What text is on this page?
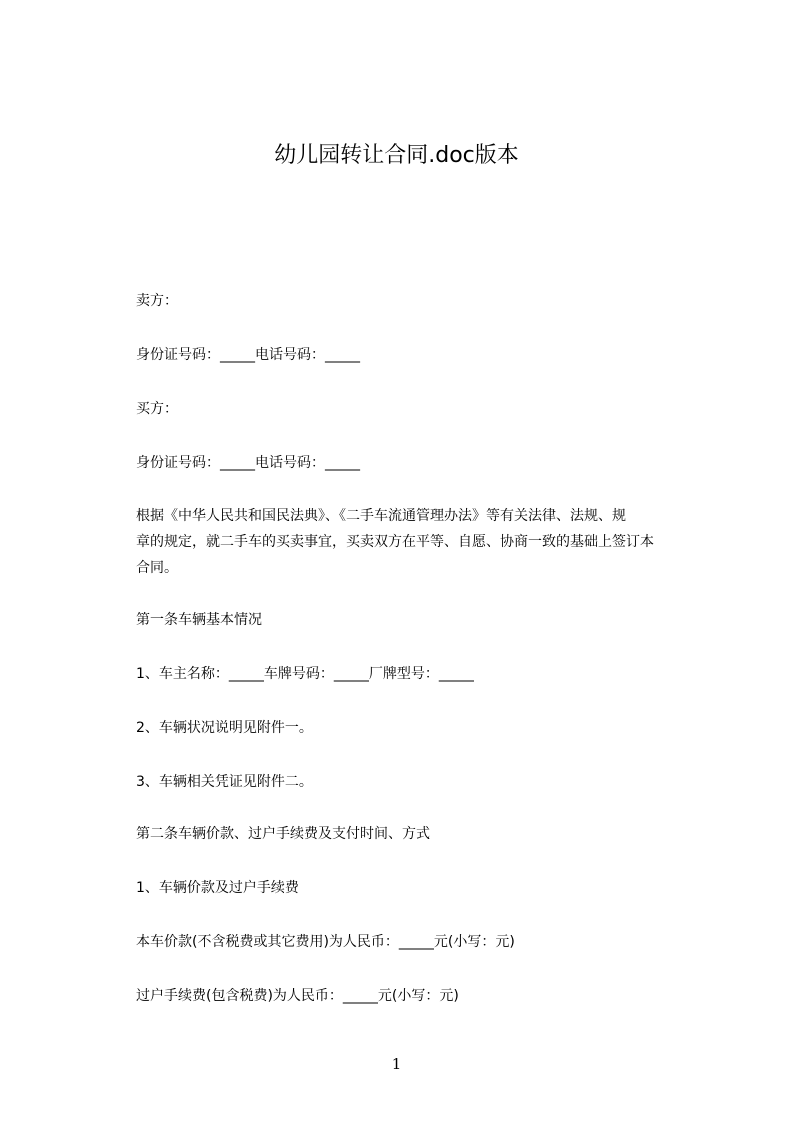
幼儿园转让合同.doc版本
卖方：
身份证号码：_____电话号码：_____
买方：
身份证号码：_____电话号码：_____
根据《中华人民共和国民法典》、《二手车流通管理办法》等有关法律、法规、规
章的规定，就二手车的买卖事宜，买卖双方在平等、自愿、协商一致的基础上签订本
合同。
第一条车辆基本情况
1、车主名称：_____车牌号码：_____厂牌型号：_____
2、车辆状况说明见附件一。
3、车辆相关凭证见附件二。
第二条车辆价款、过户手续费及支付时间、方式
1、车辆价款及过户手续费
本车价款(不含税费或其它费用)为人民币：_____元(小写：元)
过户手续费(包含税费)为人民币：_____元(小写：元)
1
